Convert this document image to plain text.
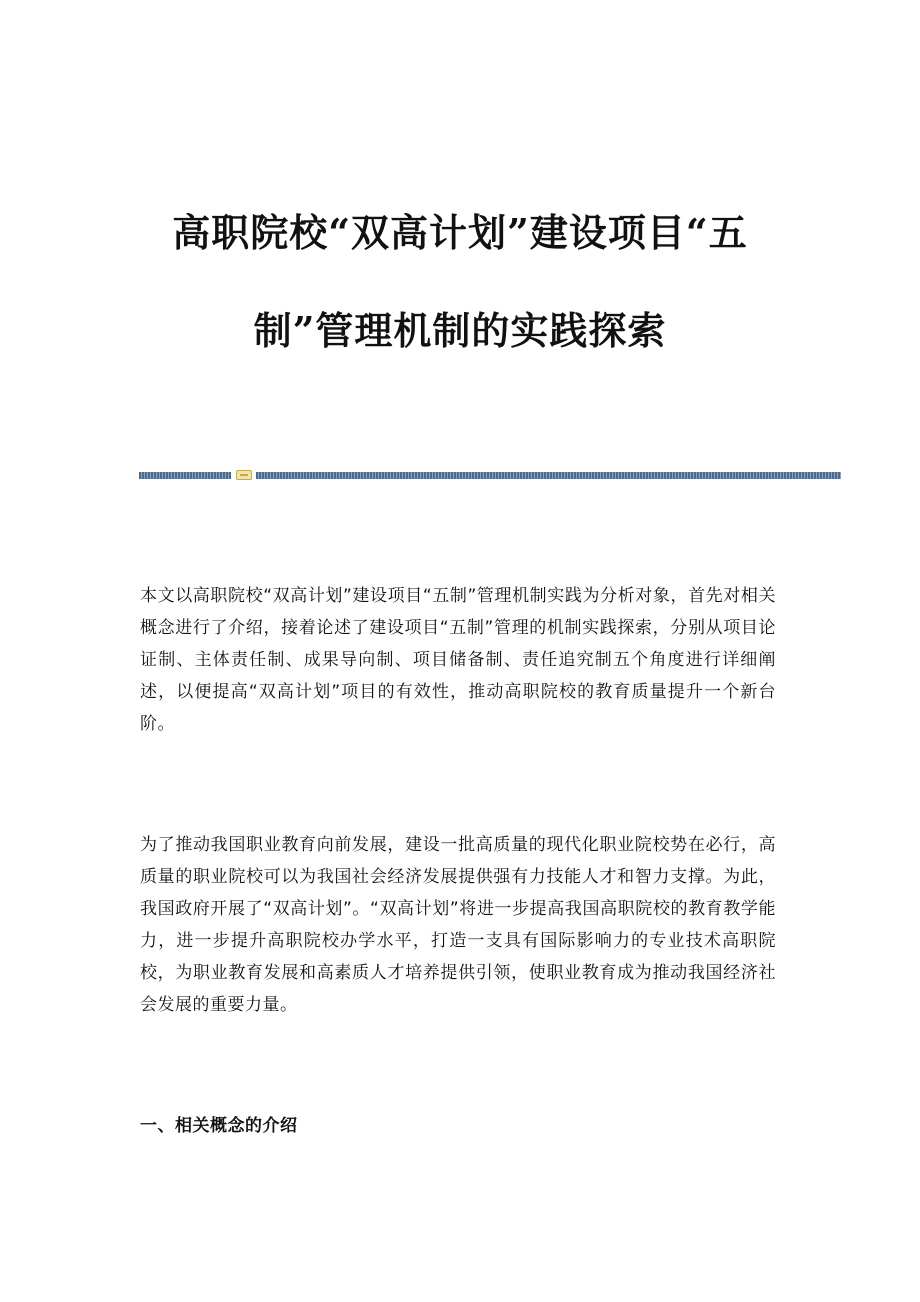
高职院校“双高计划”建设项目“五
制”管理机制的实践探索

本文以高职院校“双高计划”建设项目“五制”管理机制实践为分析对象，首先对相关概念进行了介绍，接着论述了建设项目“五制”管理的机制实践探索，分别从项目论证制、主体责任制、成果导向制、项目储备制、责任追究制五个角度进行详细阐述，以便提高“双高计划”项目的有效性，推动高职院校的教育质量提升一个新台阶。

为了推动我国职业教育向前发展，建设一批高质量的现代化职业院校势在必行，高质量的职业院校可以为我国社会经济发展提供强有力技能人才和智力支撑。为此，我国政府开展了“双高计划”。“双高计划”将进一步提高我国高职院校的教育教学能力，进一步提升高职院校办学水平，打造一支具有国际影响力的专业技术高职院校，为职业教育发展和高素质人才培养提供引领，使职业教育成为推动我国经济社会发展的重要力量。

一、相关概念的介绍
